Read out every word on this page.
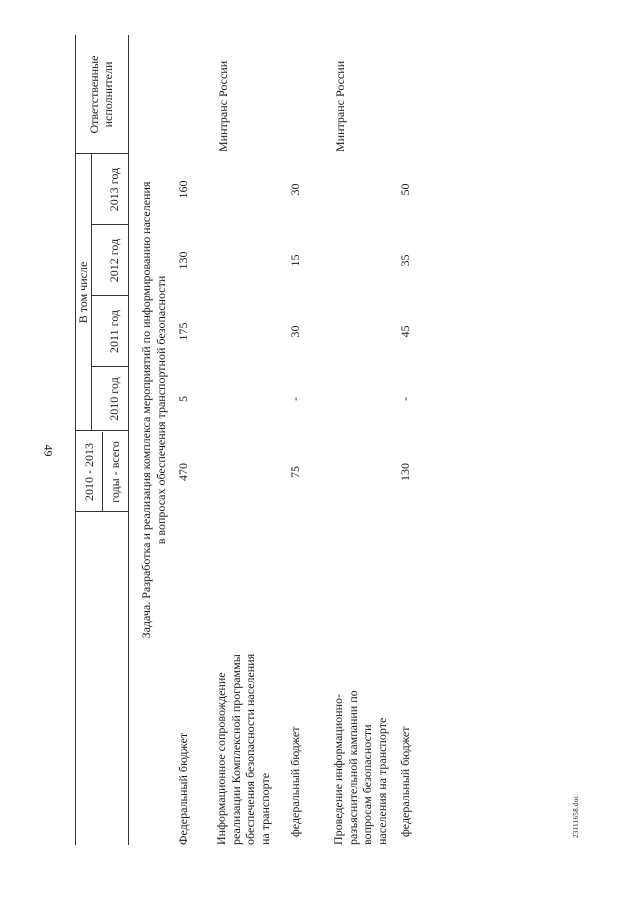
49
23111658.doc
2010 - 2013 годы - всего
В том числе
2010 год
2011 год
2012 год
2013 год
Ответственные исполнители
Задача. Разработка и реализация комплекса мероприятий по информированию населения в вопросах обеспечения транспортной безопасности
Федеральный бюджет
470
5
175
130
160
Информационное сопровождение реализации Комплексной программы обеспечения безопасности населения на транспорте
Минтранс России
федеральный бюджет
75
-
30
15
30
Проведение информационно-разъяснительной кампании по вопросам безопасности населения на транспорте
Минтранс России
федеральный бюджет
130
-
45
35
50
